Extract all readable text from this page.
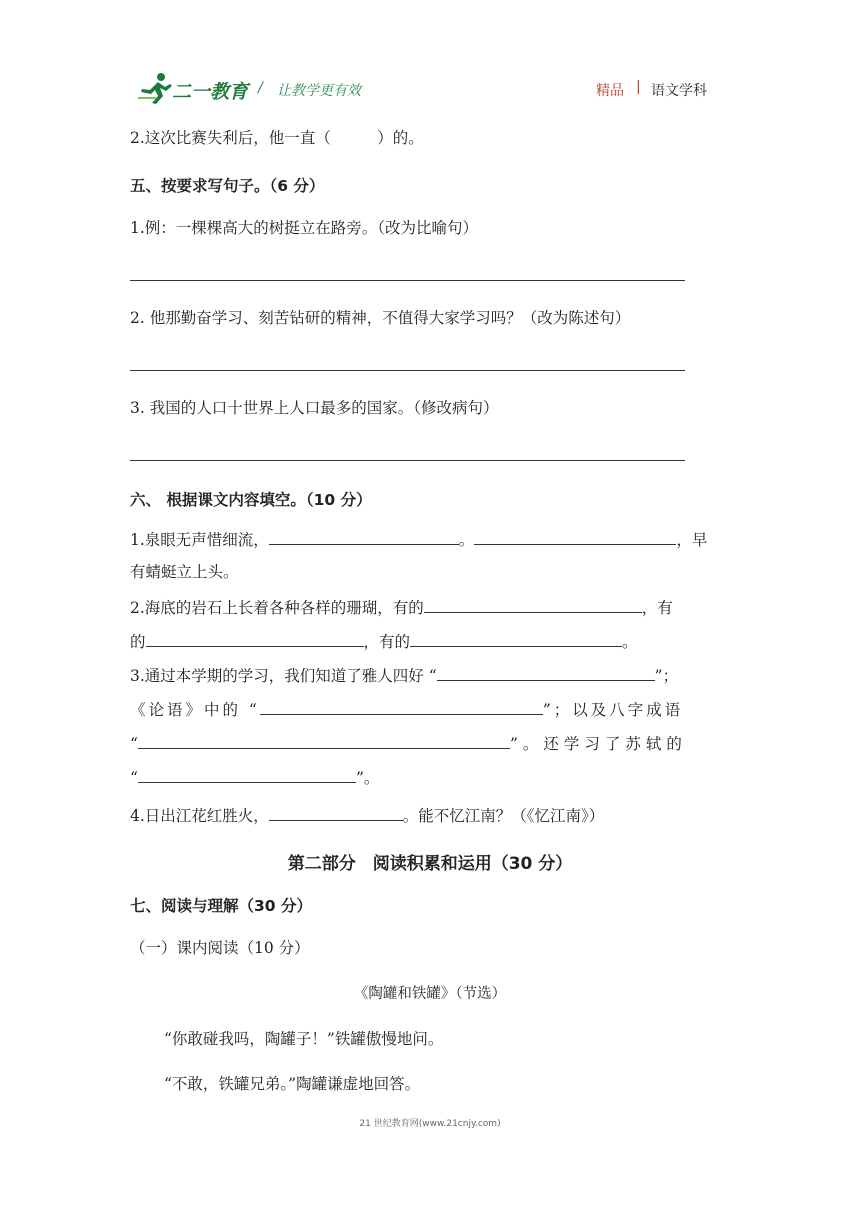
二一教育 / 让教学更有效	精品 | 语文学科
2.这次比赛失利后，他一直（　　　）的。
五、按要求写句子。（6 分）
1.例：一棵棵高大的树挺立在路旁。（改为比喻句）
2. 他那勤奋学习、刻苦钻研的精神，不值得大家学习吗？（改为陈述句）
3. 我国的人口十世界上人口最多的国家。（修改病句）
六、 根据课文内容填空。（10 分）
1.泉眼无声惜细流，	。	，早
有蜻蜓立上头。
2.海底的岩石上长着各种各样的珊瑚，有的	，有
的	，有的	。
3.通过本学期的学习，我们知道了雅人四好 “	”；
《论语》中的 “	”；以及八字成语
“	”。还学习了苏轼的
“	”。
4.日出江花红胜火，	。能不忆江南？（《忆江南》）
第二部分　阅读积累和运用（30 分）
七、阅读与理解（30 分）
（一）课内阅读（10 分）
《陶罐和铁罐》（节选）
“你敢碰我吗，陶罐子！”铁罐傲慢地问。
“不敢，铁罐兄弟。”陶罐谦虚地回答。
21 世纪教育网(www.21cnjy.com)
